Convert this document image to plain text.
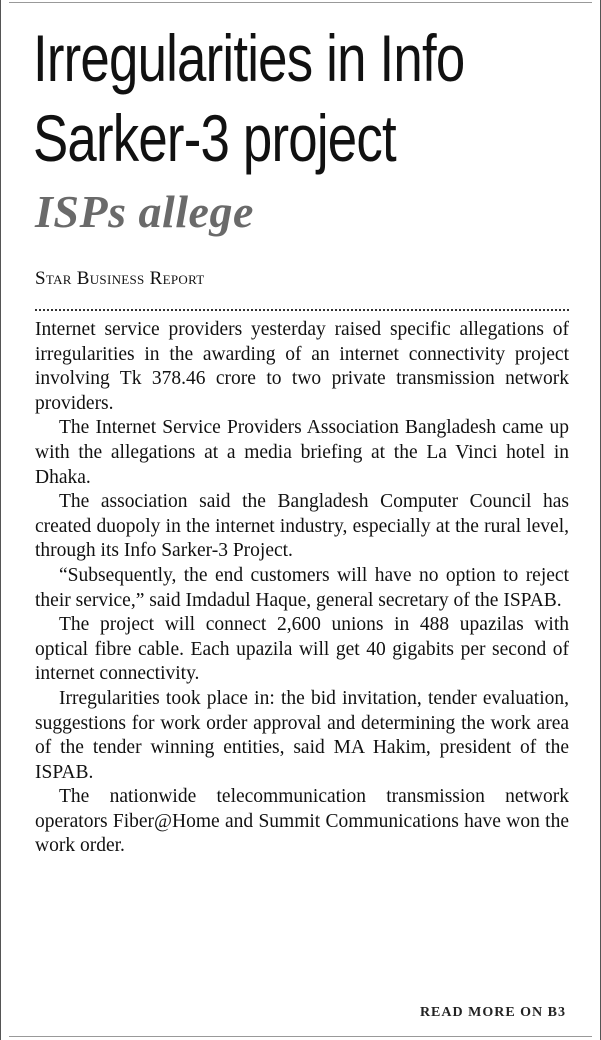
Irregularities in Info
Sarker-3 project
ISPs allege
Star Business Report

Internet service providers yesterday raised specific allegations of irregularities in the awarding of an internet connectivity project involving Tk 378.46 crore to two private transmission network providers.

The Internet Service Providers Association Bangladesh came up with the allegations at a media briefing at the La Vinci hotel in Dhaka.

The association said the Bangladesh Computer Council has created duopoly in the internet industry, especially at the rural level, through its Info Sarker-3 Project.

“Subsequently, the end customers will have no option to reject their service,” said Imdadul Haque, general secretary of the ISPAB.

The project will connect 2,600 unions in 488 upazilas with optical fibre cable. Each upazila will get 40 gigabits per second of internet connectivity.

Irregularities took place in: the bid invitation, tender evaluation, suggestions for work order approval and determining the work area of the tender winning entities, said MA Hakim, president of the ISPAB.

The nationwide telecommunication transmission network operators Fiber@Home and Summit Communications have won the work order.

READ MORE ON B3
